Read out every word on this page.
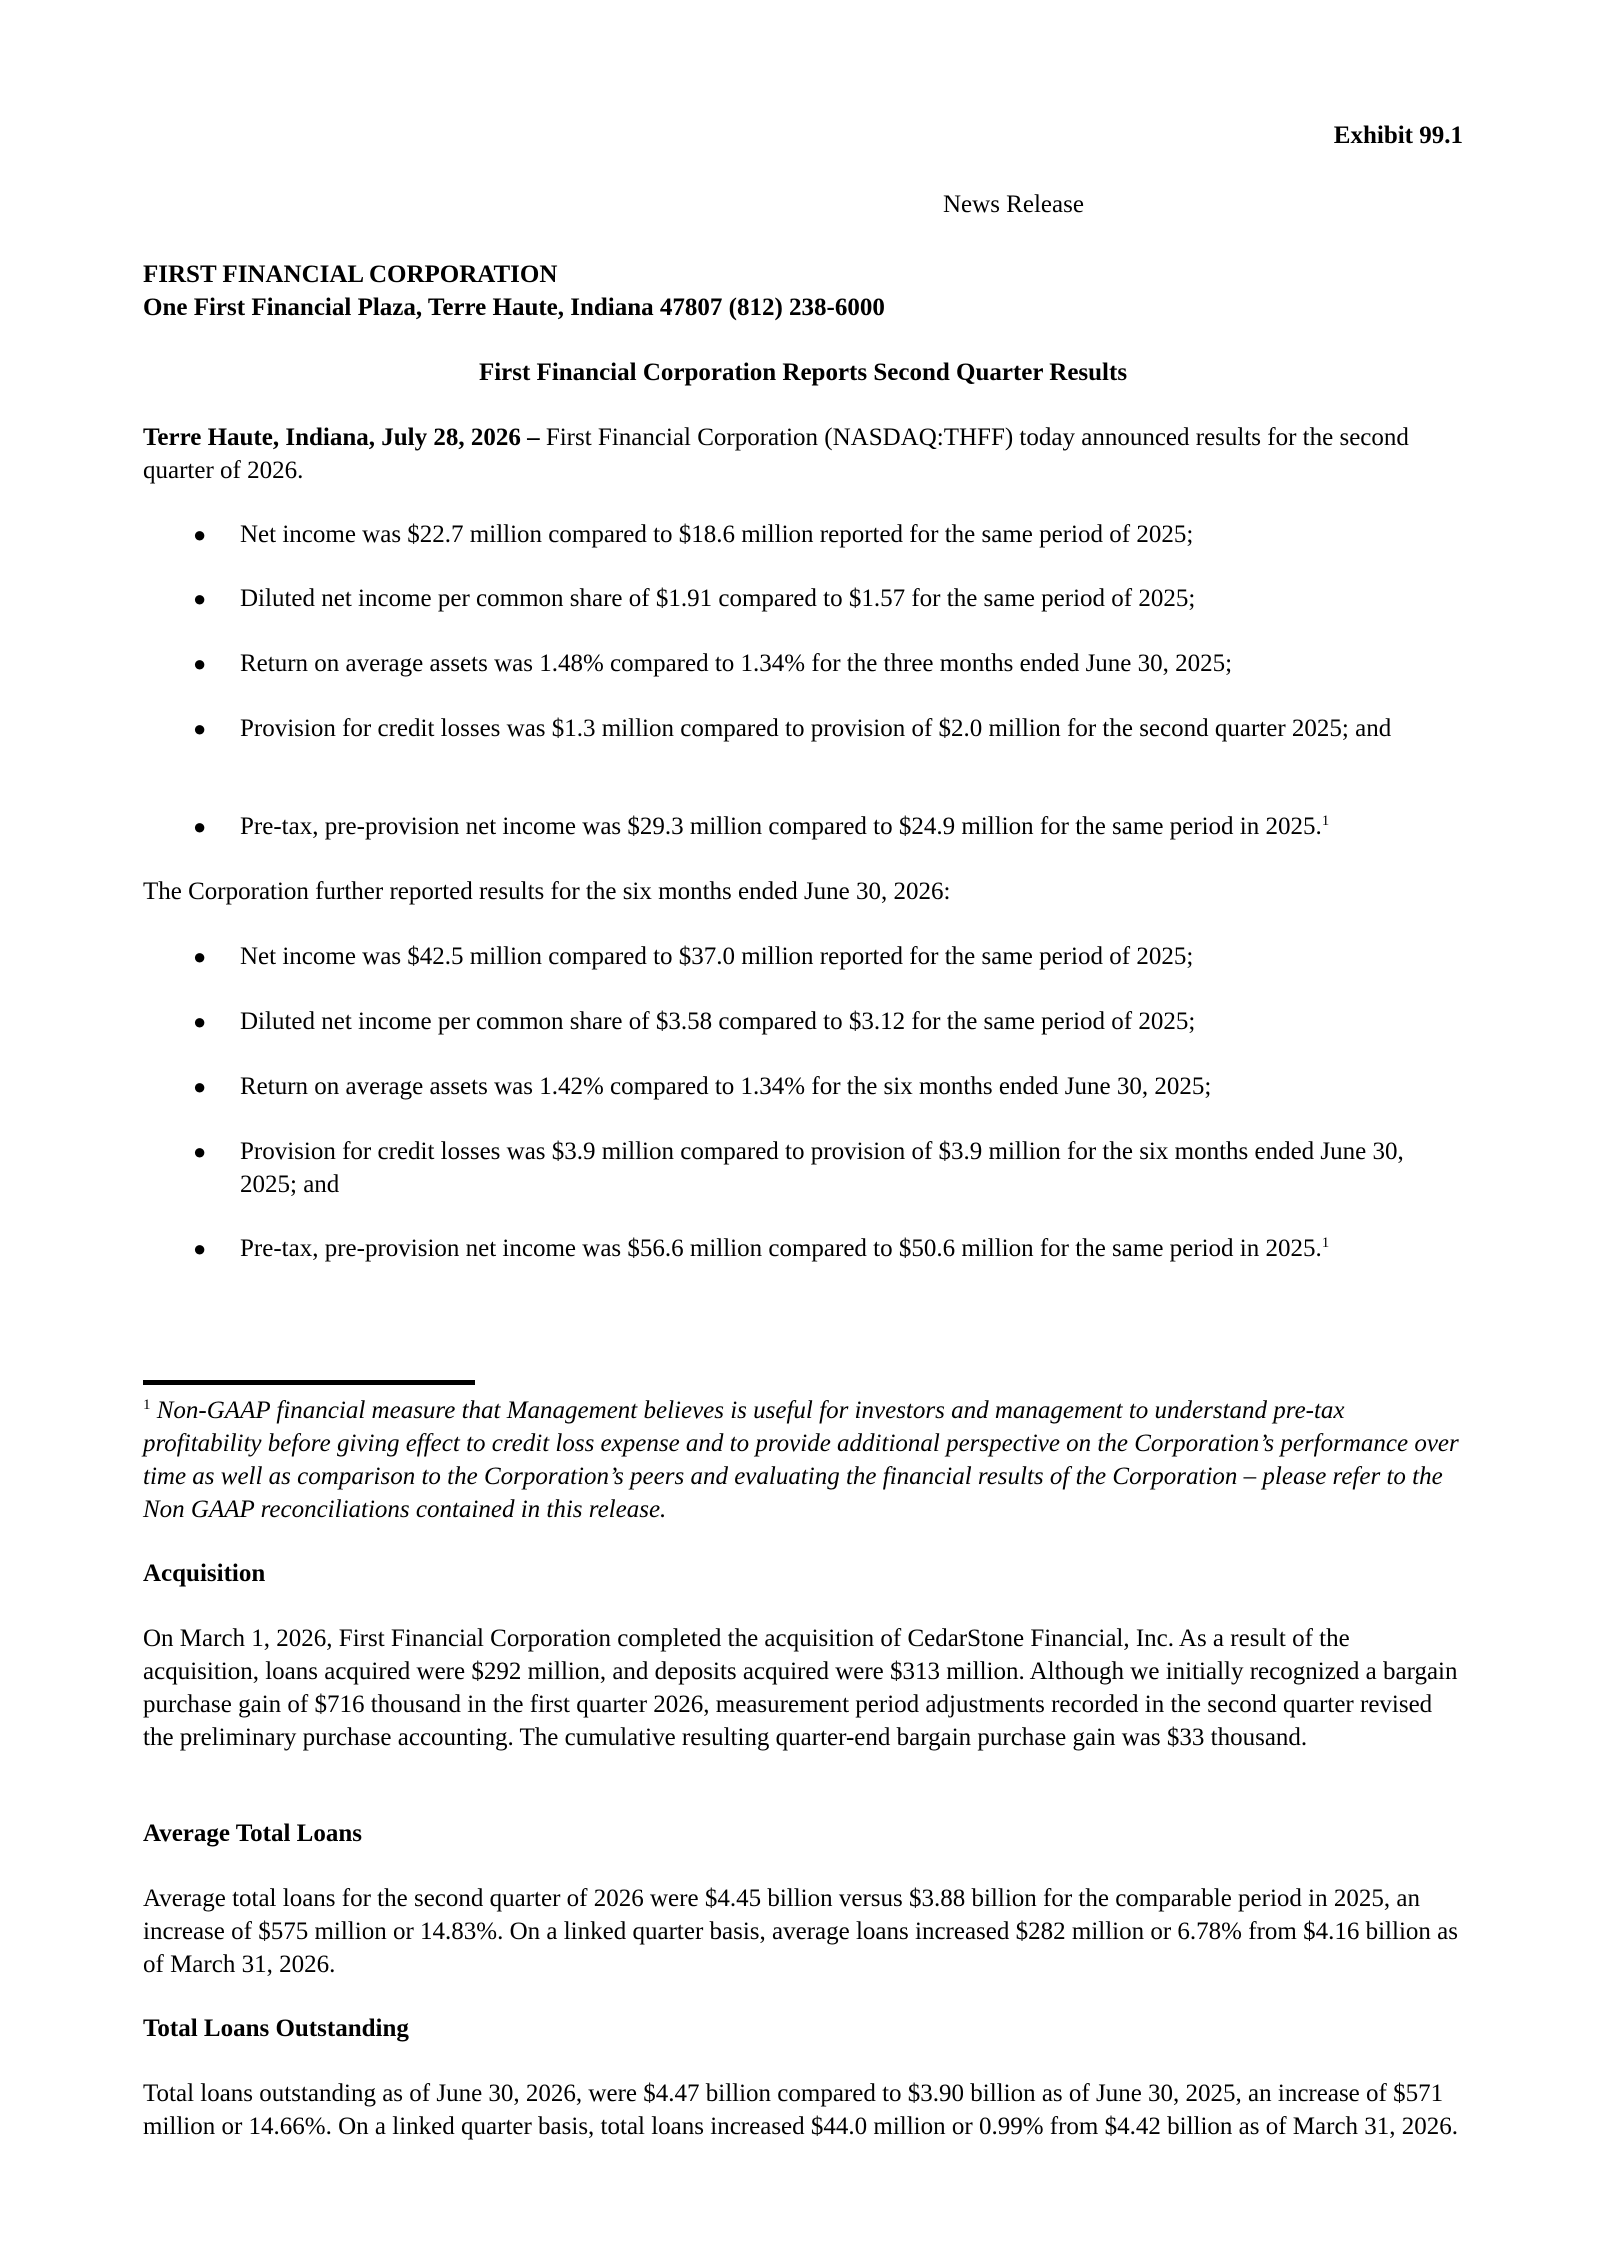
Exhibit 99.1
News Release
FIRST FINANCIAL CORPORATION
One First Financial Plaza, Terre Haute, Indiana 47807 (812) 238-6000
First Financial Corporation Reports Second Quarter Results
Terre Haute, Indiana, July 28, 2026 – First Financial Corporation (NASDAQ:THFF) today announced results for the second quarter of 2026.
● Net income was $22.7 million compared to $18.6 million reported for the same period of 2025;
● Diluted net income per common share of $1.91 compared to $1.57 for the same period of 2025;
● Return on average assets was 1.48% compared to 1.34% for the three months ended June 30, 2025;
● Provision for credit losses was $1.3 million compared to provision of $2.0 million for the second quarter 2025; and
● Pre-tax, pre-provision net income was $29.3 million compared to $24.9 million for the same period in 2025.$^1$
The Corporation further reported results for the six months ended June 30, 2026:
● Net income was $42.5 million compared to $37.0 million reported for the same period of 2025;
● Diluted net income per common share of $3.58 compared to $3.12 for the same period of 2025;
● Return on average assets was 1.42% compared to 1.34% for the six months ended June 30, 2025;
● Provision for credit losses was $3.9 million compared to provision of $3.9 million for the six months ended June 30, 2025; and
● Pre-tax, pre-provision net income was $56.6 million compared to $50.6 million for the same period in 2025.$^1$
$^1$ Non-GAAP financial measure that Management believes is useful for investors and management to understand pre-tax profitability before giving effect to credit loss expense and to provide additional perspective on the Corporation’s performance over time as well as comparison to the Corporation’s peers and evaluating the financial results of the Corporation – please refer to the Non GAAP reconciliations contained in this release.
Acquisition
On March 1, 2026, First Financial Corporation completed the acquisition of CedarStone Financial, Inc. As a result of the acquisition, loans acquired were $292 million, and deposits acquired were $313 million. Although we initially recognized a bargain purchase gain of $716 thousand in the first quarter 2026, measurement period adjustments recorded in the second quarter revised the preliminary purchase accounting. The cumulative resulting quarter-end bargain purchase gain was $33 thousand.
Average Total Loans
Average total loans for the second quarter of 2026 were $4.45 billion versus $3.88 billion for the comparable period in 2025, an increase of $575 million or 14.83%. On a linked quarter basis, average loans increased $282 million or 6.78% from $4.16 billion as of March 31, 2026.
Total Loans Outstanding
Total loans outstanding as of June 30, 2026, were $4.47 billion compared to $3.90 billion as of June 30, 2025, an increase of $571 million or 14.66%. On a linked quarter basis, total loans increased $44.0 million or 0.99% from $4.42 billion as of March 31, 2026.
